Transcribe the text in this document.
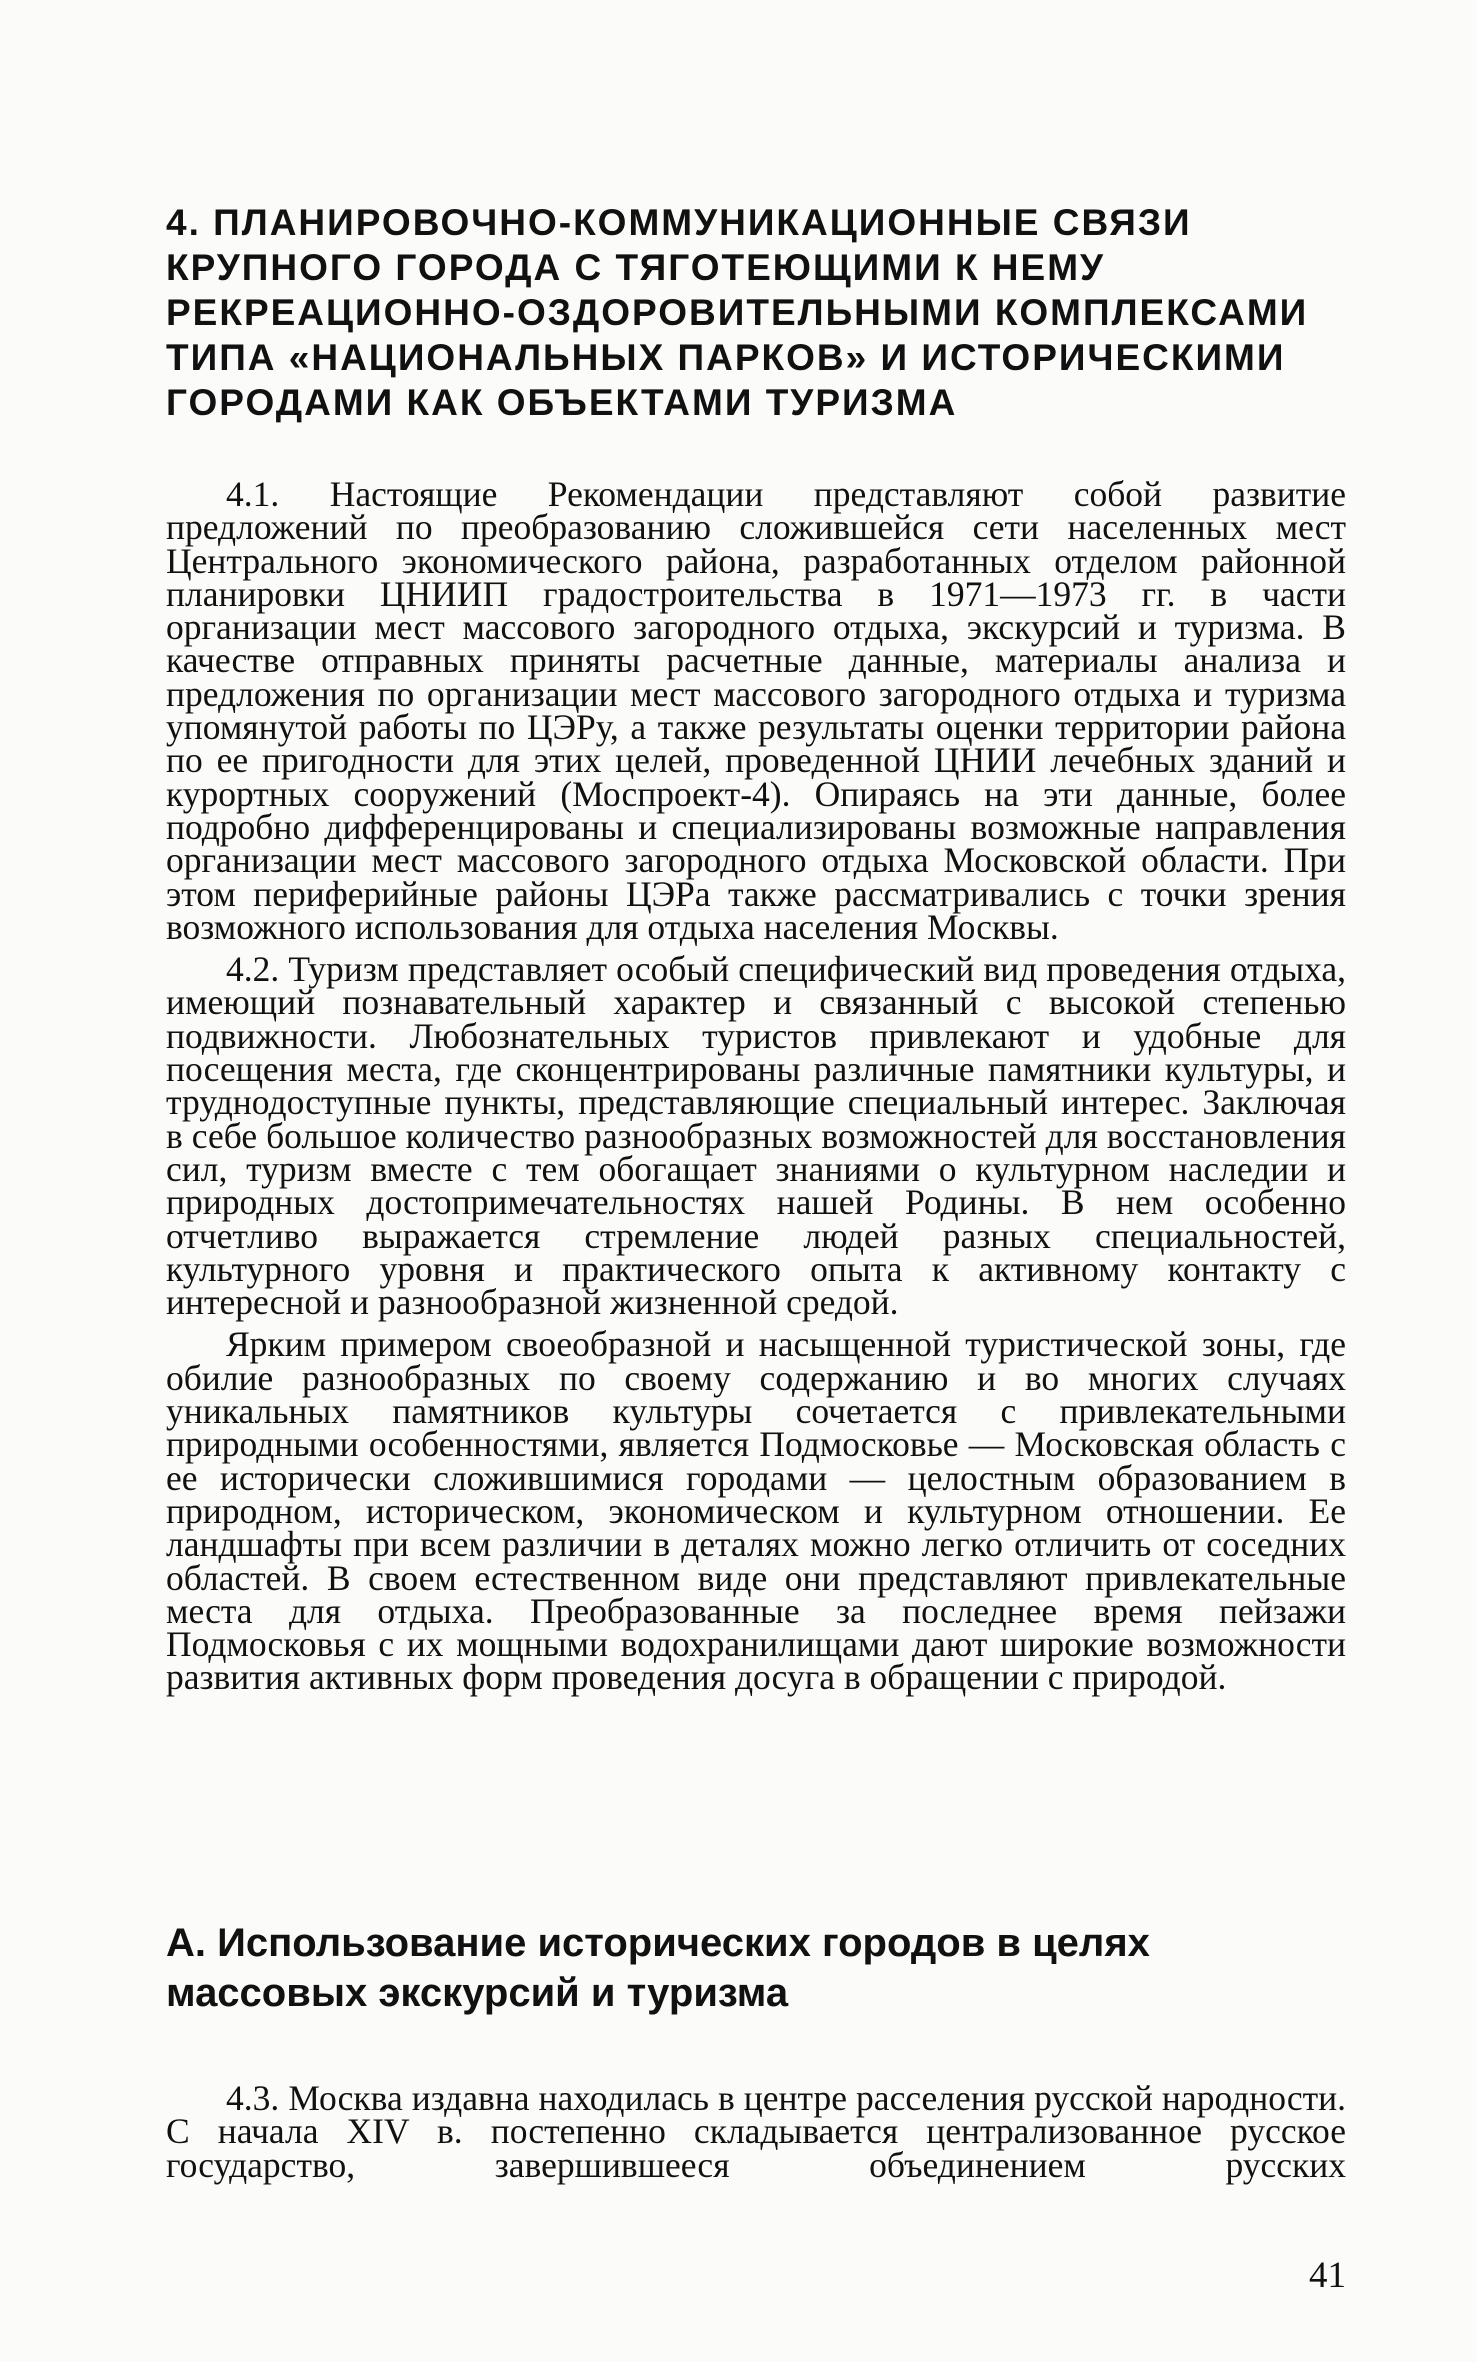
4. ПЛАНИРОВОЧНО-КОММУНИКАЦИОННЫЕ СВЯЗИ
КРУПНОГО ГОРОДА С ТЯГОТЕЮЩИМИ К НЕМУ
РЕКРЕАЦИОННО-ОЗДОРОВИТЕЛЬНЫМИ КОМПЛЕКСАМИ
ТИПА «НАЦИОНАЛЬНЫХ ПАРКОВ» И ИСТОРИЧЕСКИМИ
ГОРОДАМИ КАК ОБЪЕКТАМИ ТУРИЗМА

4.1. Настоящие Рекомендации представляют собой развитие предложений по преобразованию сложившейся сети населенных мест Центрального экономического района, разработанных отделом районной планировки ЦНИИП градостроительства в 1971—1973 гг. в части организации мест массового загородного отдыха, экскурсий и туризма. В качестве отправных приняты расчетные данные, материалы анализа и предложения по организации мест массового загородного отдыха и туризма упомянутой работы по ЦЭРу, а также результаты оценки территории района по ее пригодности для этих целей, проведенной ЦНИИ лечебных зданий и курортных сооружений (Моспроект-4). Опираясь на эти данные, более подробно дифференцированы и специализированы возможные направления организации мест массового загородного отдыха Московской области. При этом периферийные районы ЦЭРа также рассматривались с точки зрения возможного использования для отдыха населения Москвы.

4.2. Туризм представляет особый специфический вид проведения отдыха, имеющий познавательный характер и связанный с высокой степенью подвижности. Любознательных туристов привлекают и удобные для посещения места, где сконцентрированы различные памятники культуры, и труднодоступные пункты, представляющие специальный интерес. Заключая в себе большое количество разнообразных возможностей для восстановления сил, туризм вместе с тем обогащает знаниями о культурном наследии и природных достопримечательностях нашей Родины. В нем особенно отчетливо выражается стремление людей разных специальностей, культурного уровня и практического опыта к активному контакту с интересной и разнообразной жизненной средой.

Ярким примером своеобразной и насыщенной туристической зоны, где обилие разнообразных по своему содержанию и во многих случаях уникальных памятников культуры сочетается с привлекательными природными особенностями, является Подмосковье — Московская область с ее исторически сложившимися городами — целостным образованием в природном, историческом, экономическом и культурном отношении. Ее ландшафты при всем различии в деталях можно легко отличить от соседних областей. В своем естественном виде они представляют привлекательные места для отдыха. Преобразованные за последнее время пейзажи Подмосковья с их мощными водохранилищами дают широкие возможности развития активных форм проведения досуга в обращении с природой.

А. Использование исторических городов в целях
массовых экскурсий и туризма

4.3. Москва издавна находилась в центре расселения русской народности. С начала XIV в. постепенно складывается централизованное русское государство, завершившееся объединением русских

41
